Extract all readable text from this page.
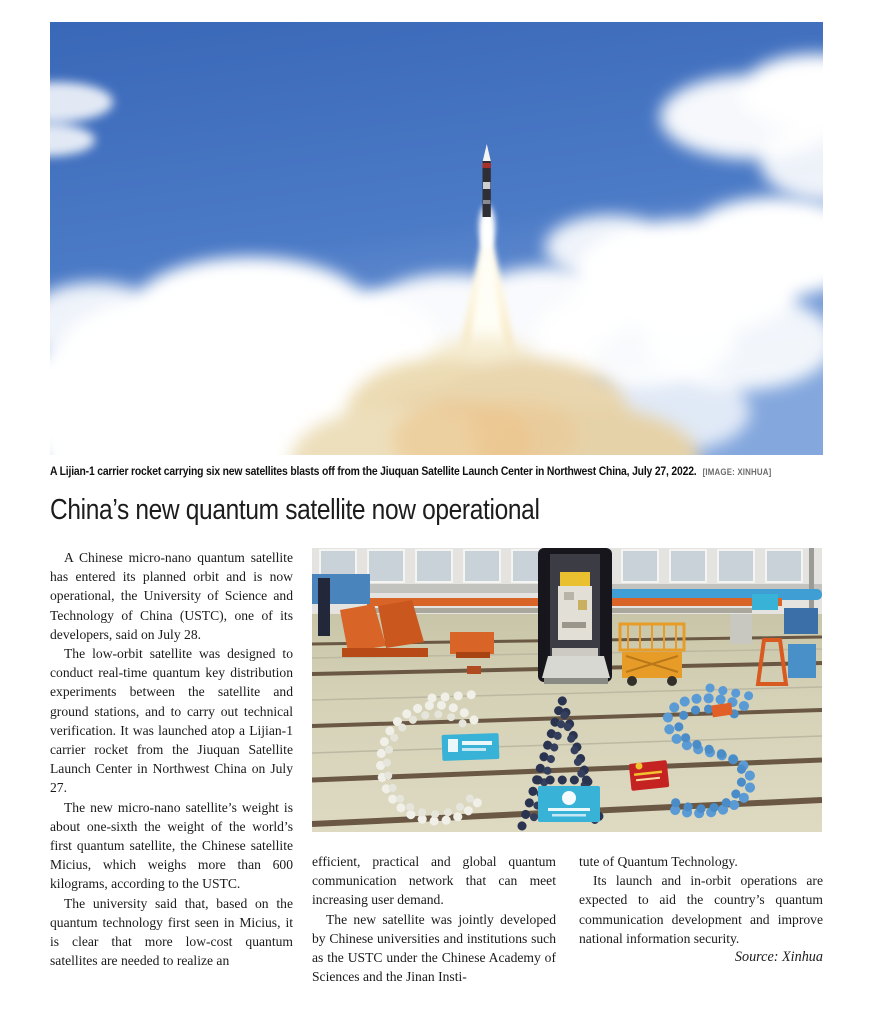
A Lijian-1 carrier rocket carrying six new satellites blasts off from the Jiuquan Satellite Launch Center in Northwest China, July 27, 2022. [IMAGE: XINHUA]
China’s new quantum satellite now operational

A Chinese micro-nano quantum satellite has entered its planned orbit and is now operational, the University of Science and Technology of China (USTC), one of its developers, said on July 28.

The low-orbit satellite was designed to conduct real-time quantum key distribution experiments between the satellite and ground stations, and to carry out technical verification. It was launched atop a Lijian-1 carrier rocket from the Jiuquan Satellite Launch Center in Northwest China on July 27.

The new micro-nano satellite’s weight is about one-sixth the weight of the world’s first quantum satellite, the Chinese satellite Micius, which weighs more than 600 kilograms, according to the USTC.

The university said that, based on the quantum technology first seen in Micius, it is clear that more low-cost quantum satellites are needed to realize an

efficient, practical and global quantum communication network that can meet increasing user demand.

The new satellite was jointly developed by Chinese universities and institutions such as the USTC under the Chinese Academy of Sciences and the Jinan Insti-

tute of Quantum Technology.

Its launch and in-orbit operations are expected to aid the country’s quantum communication development and improve national information security.

Source: Xinhua
